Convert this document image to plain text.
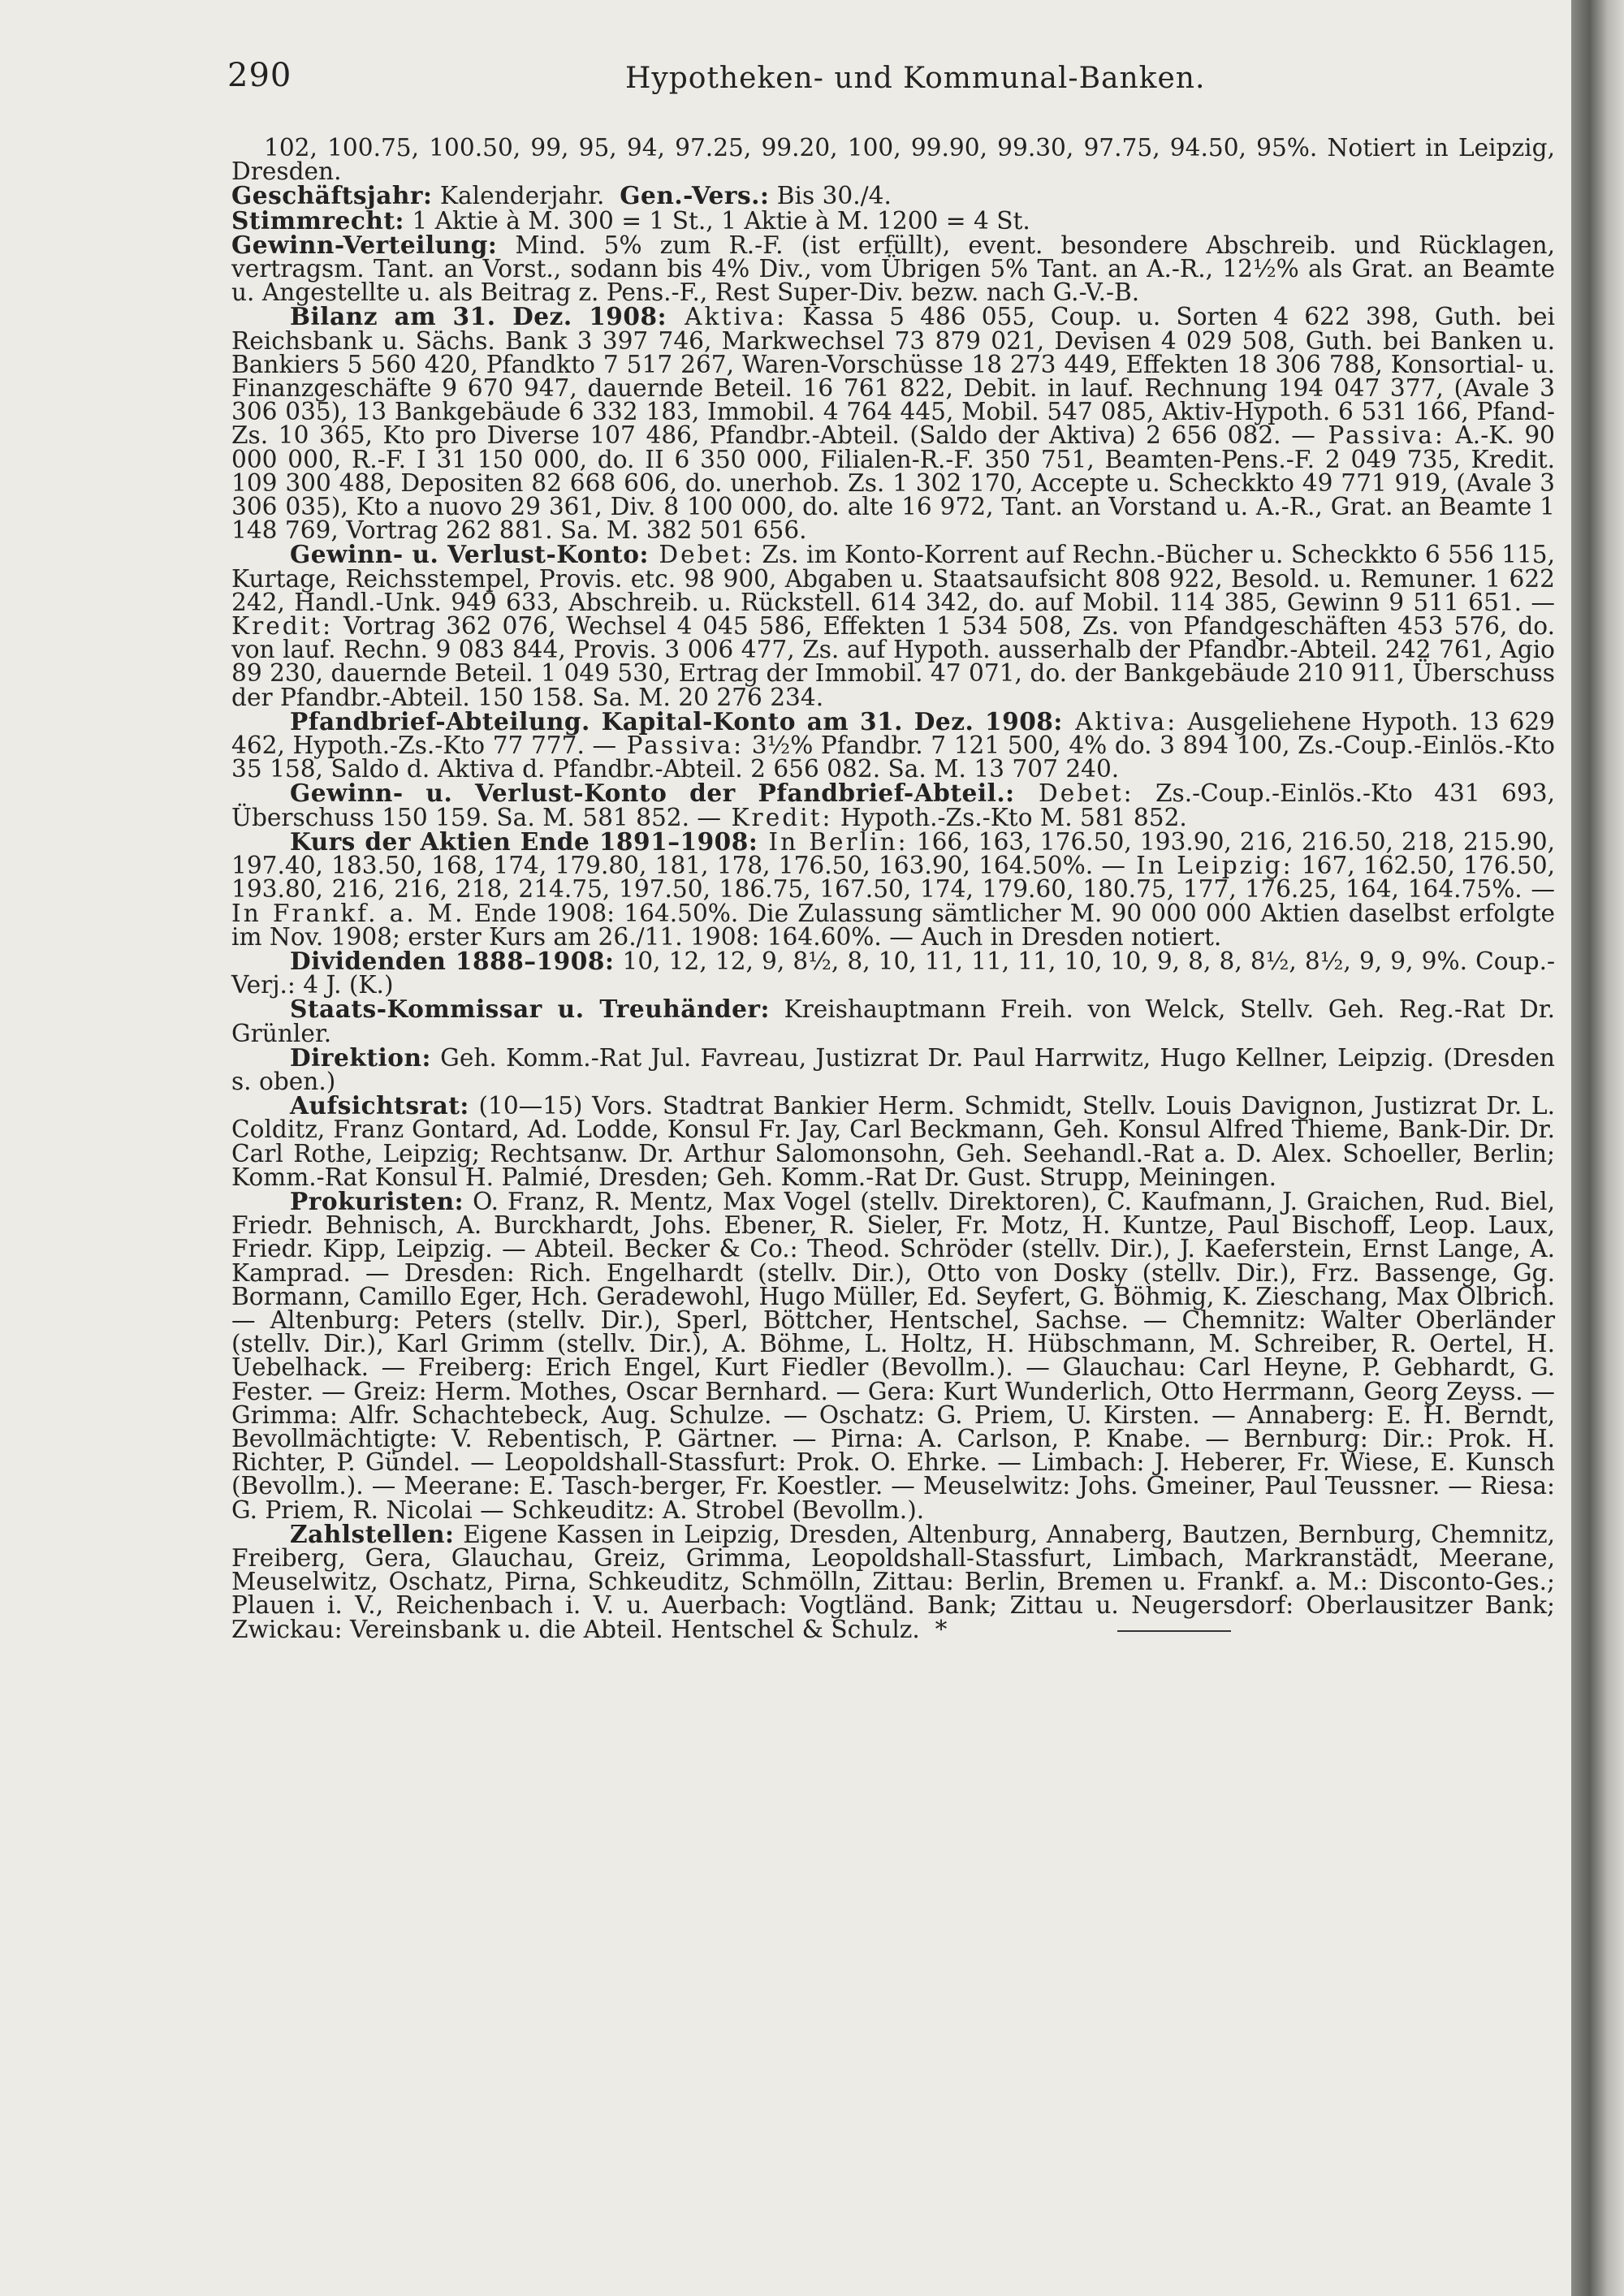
290	Hypotheken- und Kommunal-Banken.

102, 100.75, 100.50, 99, 95, 94, 97.25, 99.20, 100, 99.90, 99.30, 97.75, 94.50, 95%. Notiert in Leipzig, Dresden.

Geschäftsjahr: Kalenderjahr. Gen.-Vers.: Bis 30./4.

Stimmrecht: 1 Aktie à M. 300 = 1 St., 1 Aktie à M. 1200 = 4 St.

Gewinn-Verteilung: Mind. 5% zum R.-F. (ist erfüllt), event. besondere Abschreib. und Rücklagen, vertragsm. Tant. an Vorst., sodann bis 4% Div., vom Übrigen 5% Tant. an A.-R., 12½% als Grat. an Beamte u. Angestellte u. als Beitrag z. Pens.-F., Rest Super-Div. bezw. nach G.-V.-B.

Bilanz am 31. Dez. 1908: Aktiva: Kassa 5 486 055, Coup. u. Sorten 4 622 398, Guth. bei Reichsbank u. Sächs. Bank 3 397 746, Markwechsel 73 879 021, Devisen 4 029 508, Guth. bei Banken u. Bankiers 5 560 420, Pfandkto 7 517 267, Waren-Vorschüsse 18 273 449, Effekten 18 306 788, Konsortial- u. Finanzgeschäfte 9 670 947, dauernde Beteil. 16 761 822, Debit. in lauf. Rechnung 194 047 377, (Avale 3 306 035), 13 Bankgebäude 6 332 183, Immobil. 4 764 445, Mobil. 547 085, Aktiv-Hypoth. 6 531 166, Pfand-Zs. 10 365, Kto pro Diverse 107 486, Pfandbr.-Abteil. (Saldo der Aktiva) 2 656 082. — Passiva: A.-K. 90 000 000, R.-F. I 31 150 000, do. II 6 350 000, Filialen-R.-F. 350 751, Beamten-Pens.-F. 2 049 735, Kredit. 109 300 488, Depositen 82 668 606, do. unerhob. Zs. 1 302 170, Accepte u. Scheckkto 49 771 919, (Avale 3 306 035), Kto a nuovo 29 361, Div. 8 100 000, do. alte 16 972, Tant. an Vorstand u. A.-R., Grat. an Beamte 1 148 769, Vortrag 262 881. Sa. M. 382 501 656.

Gewinn- u. Verlust-Konto: Debet: Zs. im Konto-Korrent auf Rechn.-Bücher u. Scheckkto 6 556 115, Kurtage, Reichsstempel, Provis. etc. 98 900, Abgaben u. Staatsaufsicht 808 922, Besold. u. Remuner. 1 622 242, Handl.-Unk. 949 633, Abschreib. u. Rückstell. 614 342, do. auf Mobil. 114 385, Gewinn 9 511 651. — Kredit: Vortrag 362 076, Wechsel 4 045 586, Effekten 1 534 508, Zs. von Pfandgeschäften 453 576, do. von lauf. Rechn. 9 083 844, Provis. 3 006 477, Zs. auf Hypoth. ausserhalb der Pfandbr.-Abteil. 242 761, Agio 89 230, dauernde Beteil. 1 049 530, Ertrag der Immobil. 47 071, do. der Bankgebäude 210 911, Überschuss der Pfandbr.-Abteil. 150 158. Sa. M. 20 276 234.

Pfandbrief-Abteilung. Kapital-Konto am 31. Dez. 1908: Aktiva: Ausgeliehene Hypoth. 13 629 462, Hypoth.-Zs.-Kto 77 777. — Passiva: 3½% Pfandbr. 7 121 500, 4% do. 3 894 100, Zs.-Coup.-Einlös.-Kto 35 158, Saldo d. Aktiva d. Pfandbr.-Abteil. 2 656 082. Sa. M. 13 707 240.

Gewinn- u. Verlust-Konto der Pfandbrief-Abteil.: Debet: Zs.-Coup.-Einlös.-Kto 431 693, Überschuss 150 159. Sa. M. 581 852. — Kredit: Hypoth.-Zs.-Kto M. 581 852.

Kurs der Aktien Ende 1891–1908: In Berlin: 166, 163, 176.50, 193.90, 216, 216.50, 218, 215.90, 197.40, 183.50, 168, 174, 179.80, 181, 178, 176.50, 163.90, 164.50%. — In Leipzig: 167, 162.50, 176.50, 193.80, 216, 216, 218, 214.75, 197.50, 186.75, 167.50, 174, 179.60, 180.75, 177, 176.25, 164, 164.75%. — In Frankf. a. M. Ende 1908: 164.50%. Die Zulassung sämtlicher M. 90 000 000 Aktien daselbst erfolgte im Nov. 1908; erster Kurs am 26./11. 1908: 164.60%. — Auch in Dresden notiert.

Dividenden 1888–1908: 10, 12, 12, 9, 8½, 8, 10, 11, 11, 11, 10, 10, 9, 8, 8, 8½, 8½, 9, 9, 9%. Coup.-Verj.: 4 J. (K.)

Staats-Kommissar u. Treuhänder: Kreishauptmann Freih. von Welck, Stellv. Geh. Reg.-Rat Dr. Grünler.

Direktion: Geh. Komm.-Rat Jul. Favreau, Justizrat Dr. Paul Harrwitz, Hugo Kellner, Leipzig. (Dresden s. oben.)

Aufsichtsrat: (10—15) Vors. Stadtrat Bankier Herm. Schmidt, Stellv. Louis Davignon, Justizrat Dr. L. Colditz, Franz Gontard, Ad. Lodde, Konsul Fr. Jay, Carl Beckmann, Geh. Konsul Alfred Thieme, Bank-Dir. Dr. Carl Rothe, Leipzig; Rechtsanw. Dr. Arthur Salomonsohn, Geh. Seehandl.-Rat a. D. Alex. Schoeller, Berlin; Komm.-Rat Konsul H. Palmié, Dresden; Geh. Komm.-Rat Dr. Gust. Strupp, Meiningen.

Prokuristen: O. Franz, R. Mentz, Max Vogel (stellv. Direktoren), C. Kaufmann, J. Graichen, Rud. Biel, Friedr. Behnisch, A. Burckhardt, Johs. Ebener, R. Sieler, Fr. Motz, H. Kuntze, Paul Bischoff, Leop. Laux, Friedr. Kipp, Leipzig. — Abteil. Becker & Co.: Theod. Schröder (stellv. Dir.), J. Kaeferstein, Ernst Lange, A. Kamprad. — Dresden: Rich. Engelhardt (stellv. Dir.), Otto von Dosky (stellv. Dir.), Frz. Bassenge, Gg. Bormann, Camillo Eger, Hch. Geradewohl, Hugo Müller, Ed. Seyfert, G. Böhmig, K. Zieschang, Max Olbrich. — Altenburg: Peters (stellv. Dir.), Sperl, Böttcher, Hentschel, Sachse. — Chemnitz: Walter Oberländer (stellv. Dir.), Karl Grimm (stellv. Dir.), A. Böhme, L. Holtz, H. Hübschmann, M. Schreiber, R. Oertel, H. Uebelhack. — Freiberg: Erich Engel, Kurt Fiedler (Bevollm.). — Glauchau: Carl Heyne, P. Gebhardt, G. Fester. — Greiz: Herm. Mothes, Oscar Bernhard. — Gera: Kurt Wunderlich, Otto Herrmann, Georg Zeyss. — Grimma: Alfr. Schachtebeck, Aug. Schulze. — Oschatz: G. Priem, U. Kirsten. — Annaberg: E. H. Berndt, Bevollmächtigte: V. Rebentisch, P. Gärtner. — Pirna: A. Carlson, P. Knabe. — Bernburg: Dir.: Prok. H. Richter, P. Gündel. — Leopoldshall-Stassfurt: Prok. O. Ehrke. — Limbach: J. Heberer, Fr. Wiese, E. Kunsch (Bevollm.). — Meerane: E. Tasch-berger, Fr. Koestler. — Meuselwitz: Johs. Gmeiner, Paul Teussner. — Riesa: G. Priem, R. Nicolai — Schkeuditz: A. Strobel (Bevollm.).

Zahlstellen: Eigene Kassen in Leipzig, Dresden, Altenburg, Annaberg, Bautzen, Bernburg, Chemnitz, Freiberg, Gera, Glauchau, Greiz, Grimma, Leopoldshall-Stassfurt, Limbach, Markranstädt, Meerane, Meuselwitz, Oschatz, Pirna, Schkeuditz, Schmölln, Zittau: Berlin, Bremen u. Frankf. a. M.: Disconto-Ges.; Plauen i. V., Reichenbach i. V. u. Auerbach: Vogtländ. Bank; Zittau u. Neugersdorf: Oberlausitzer Bank; Zwickau: Vereinsbank u. die Abteil. Hentschel & Schulz. *
